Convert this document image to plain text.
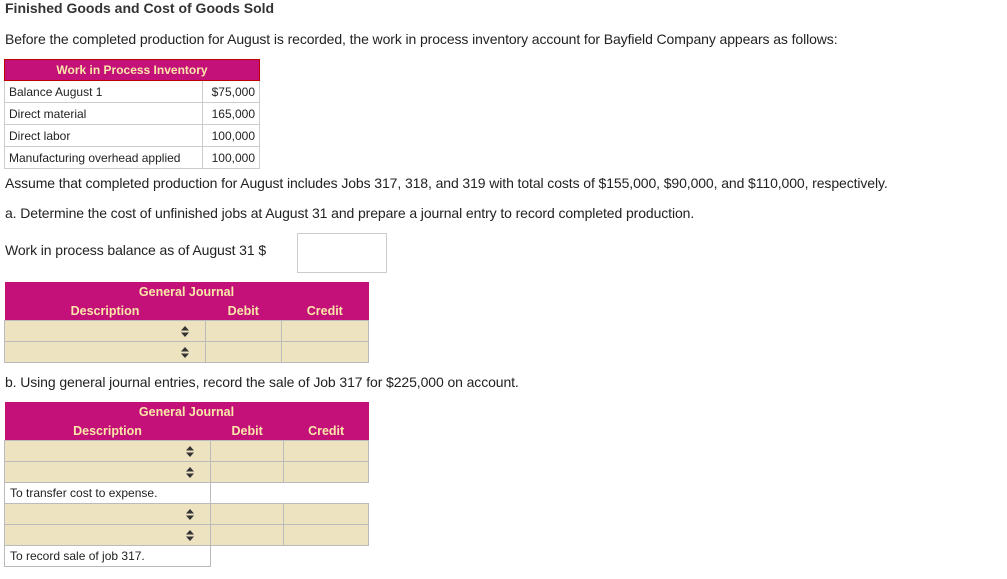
Finished Goods and Cost of Goods Sold
Before the completed production for August is recorded, the work in process inventory account for Bayfield Company appears as follows:
Work in Process Inventory	
Balance August 1	$75,000
Direct material	165,000
Direct labor	100,000
Manufacturing overhead applied	100,000
Assume that completed production for August includes Jobs 317, 318, and 319 with total costs of $155,000, $90,000, and $110,000, respectively.
a. Determine the cost of unfinished jobs at August 31 and prepare a journal entry to record completed production.
Work in process balance as of August 31 $
General Journal		
Description	Debit	Credit

b. Using general journal entries, record the sale of Job 317 for $225,000 on account.
General Journal		
Description	Debit	Credit

To transfer cost to expense.		

To record sale of job 317.		
